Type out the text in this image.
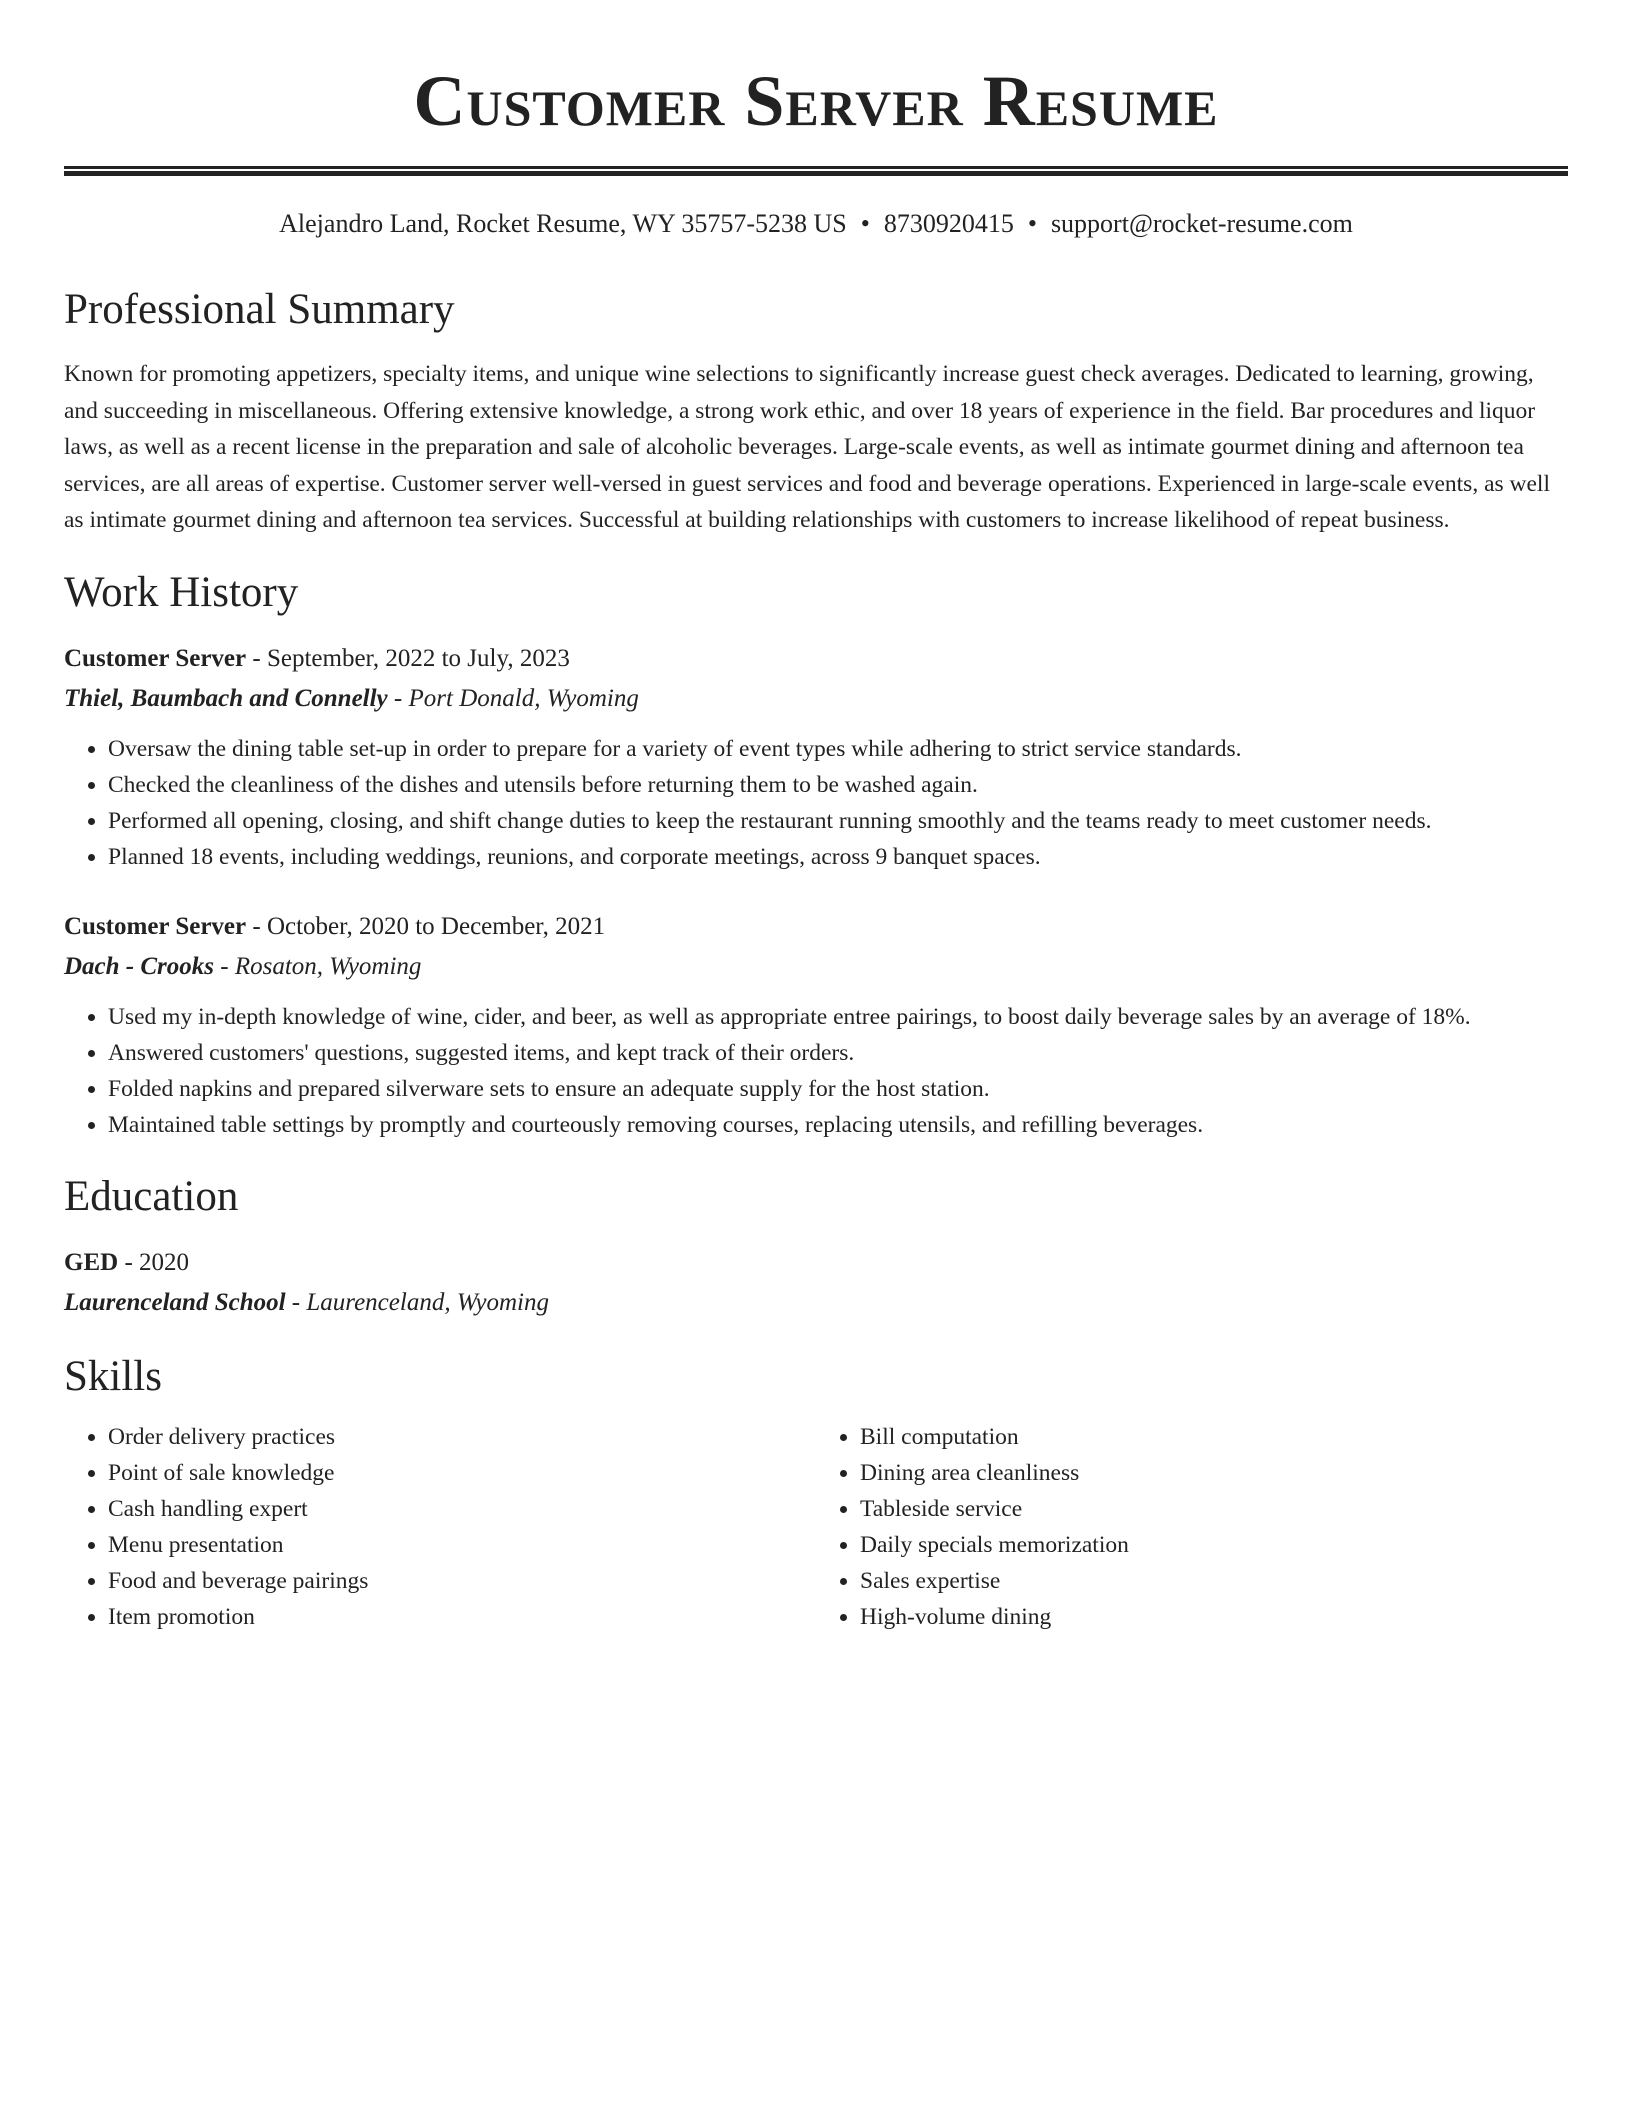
Customer Server Resume
Alejandro Land, Rocket Resume, WY 35757-5238 US • 8730920415 • support@rocket-resume.com
Professional Summary

Known for promoting appetizers, specialty items, and unique wine selections to significantly increase guest check averages. Dedicated to learning, growing, and succeeding in miscellaneous. Offering extensive knowledge, a strong work ethic, and over 18 years of experience in the field. Bar procedures and liquor laws, as well as a recent license in the preparation and sale of alcoholic beverages. Large-scale events, as well as intimate gourmet dining and afternoon tea services, are all areas of expertise. Customer server well-versed in guest services and food and beverage operations. Experienced in large-scale events, as well as intimate gourmet dining and afternoon tea services. Successful at building relationships with customers to increase likelihood of repeat business.

Work History
Customer Server - September, 2022 to July, 2023
Thiel, Baumbach and Connelly - Port Donald, Wyoming
• Oversaw the dining table set-up in order to prepare for a variety of event types while adhering to strict service standards.
• Checked the cleanliness of the dishes and utensils before returning them to be washed again.
• Performed all opening, closing, and shift change duties to keep the restaurant running smoothly and the teams ready to meet customer needs.
• Planned 18 events, including weddings, reunions, and corporate meetings, across 9 banquet spaces.
Customer Server - October, 2020 to December, 2021
Dach - Crooks - Rosaton, Wyoming
• Used my in-depth knowledge of wine, cider, and beer, as well as appropriate entree pairings, to boost daily beverage sales by an average of 18%.
• Answered customers' questions, suggested items, and kept track of their orders.
• Folded napkins and prepared silverware sets to ensure an adequate supply for the host station.
• Maintained table settings by promptly and courteously removing courses, replacing utensils, and refilling beverages.
Education
GED - 2020
Laurenceland School - Laurenceland, Wyoming
Skills
• Order delivery practices
• Point of sale knowledge
• Cash handling expert
• Menu presentation
• Food and beverage pairings
• Item promotion
• Bill computation
• Dining area cleanliness
• Tableside service
• Daily specials memorization
• Sales expertise
• High-volume dining
